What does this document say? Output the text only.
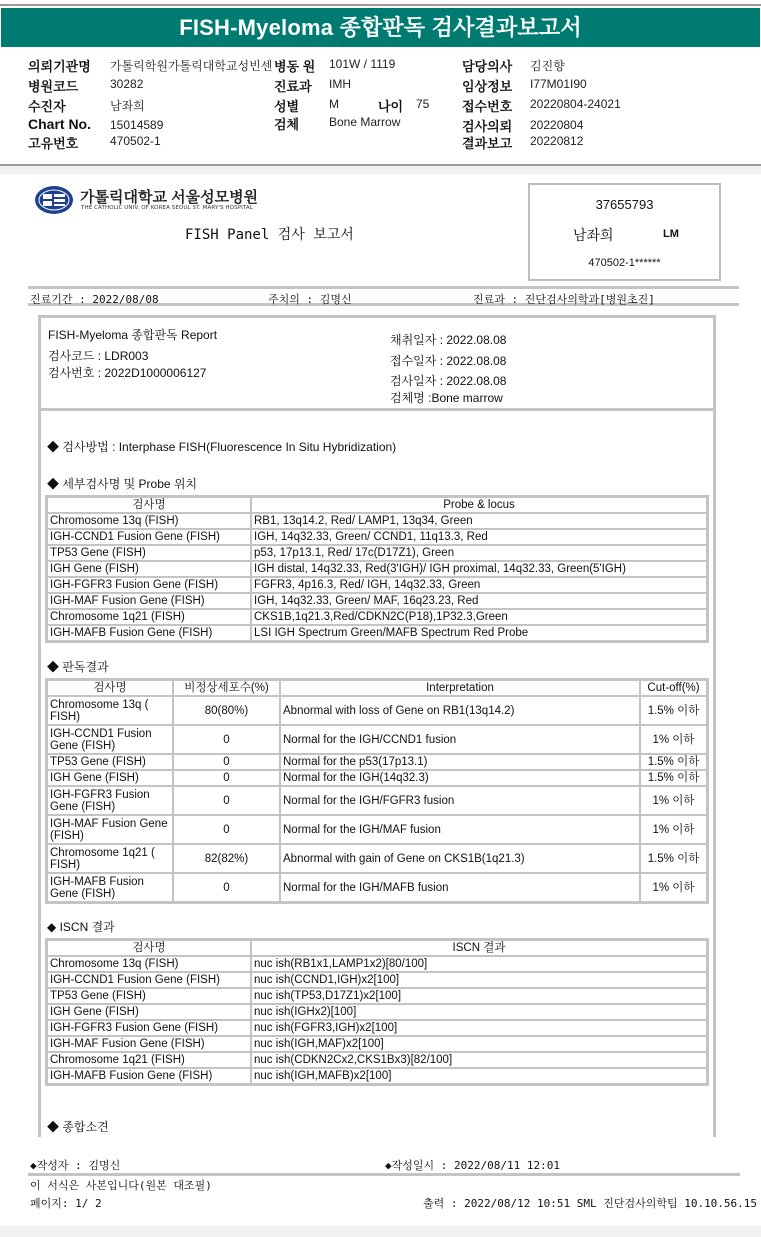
FISH-Myeloma 종합판독 검사결과보고서
의뢰기관명 가톨릭학원가톨릭대학교성빈센 병동 원 101W / 1119	담당의사 김진향
병원코드	30282	진료과 IMH	임상정보 I77M01I90
수진자	남좌희	성별 M	나이 75	접수번호 20220804-24021
Chart No. 15014589	검체 Bone Marrow	검사의뢰 20220804
고유번호	470502-1	결과보고 20220812
가톨릭대학교 서울성모병원
THE CATHOLIC UNIV. OF KOREA SEOUL ST. MARY'S HOSPITAL
FISH Panel 검사 보고서
37655793
남좌희	LM
470502-1******
진료기간 : 2022/08/08	주치의 : 김명신	진료과 : 진단검사의학과[병원초진]
FISH-Myeloma 종합판독 Report
검사코드 : LDR003
검사번호 : 2022D1000006127
채취일자 : 2022.08.08
접수일자 : 2022.08.08
검사일자 : 2022.08.08
검체명 :Bone marrow
◆ 검사방법 : Interphase FISH(Fluorescence In Situ Hybridization)
◆ 세부검사명 및 Probe 위치
검사명	Probe & locus
Chromosome 13q (FISH)	RB1, 13q14.2, Red/ LAMP1, 13q34, Green
IGH-CCND1 Fusion Gene (FISH)	IGH, 14q32.33, Green/ CCND1, 11q13.3, Red
TP53 Gene (FISH)	p53, 17p13.1, Red/ 17c(D17Z1), Green
IGH Gene (FISH)	IGH distal, 14q32.33, Red(3'IGH)/ IGH proximal, 14q32.33, Green(5'IGH)
IGH-FGFR3 Fusion Gene (FISH)	FGFR3, 4p16.3, Red/ IGH, 14q32.33, Green
IGH-MAF Fusion Gene (FISH)	IGH, 14q32.33, Green/ MAF, 16q23.23, Red
Chromosome 1q21 (FISH)	CKS1B,1q21.3,Red/CDKN2C(P18),1P32.3,Green
IGH-MAFB Fusion Gene (FISH)	LSI IGH Spectrum Green/MAFB Spectrum Red Probe
◆ 판독결과
검사명	비정상세포수(%)	Interpretation	Cut-off(%)
Chromosome 13q ( FISH)	80(80%)	Abnormal with loss of Gene on RB1(13q14.2)	1.5% 이하
IGH-CCND1 Fusion Gene (FISH)	0	Normal for the IGH/CCND1 fusion	1% 이하
TP53 Gene (FISH)	0	Normal for the p53(17p13.1)	1.5% 이하
IGH Gene (FISH)	0	Normal for the IGH(14q32.3)	1.5% 이하
IGH-FGFR3 Fusion Gene (FISH)	0	Normal for the IGH/FGFR3 fusion	1% 이하
IGH-MAF Fusion Gene (FISH)	0	Normal for the IGH/MAF fusion	1% 이하
Chromosome 1q21 ( FISH)	82(82%)	Abnormal with gain of Gene on CKS1B(1q21.3)	1.5% 이하
IGH-MAFB Fusion Gene (FISH)	0	Normal for the IGH/MAFB fusion	1% 이하
◆ ISCN 결과
검사명	ISCN 결과
Chromosome 13q (FISH)	nuc ish(RB1x1,LAMP1x2)[80/100]
IGH-CCND1 Fusion Gene (FISH)	nuc ish(CCND1,IGH)x2[100]
TP53 Gene (FISH)	nuc ish(TP53,D17Z1)x2[100]
IGH Gene (FISH)	nuc ish(IGHx2)[100]
IGH-FGFR3 Fusion Gene (FISH)	nuc ish(FGFR3,IGH)x2[100]
IGH-MAF Fusion Gene (FISH)	nuc ish(IGH,MAF)x2[100]
Chromosome 1q21 (FISH)	nuc ish(CDKN2Cx2,CKS1Bx3)[82/100]
IGH-MAFB Fusion Gene (FISH)	nuc ish(IGH,MAFB)x2[100]
◆ 종합소견
◆작성자 : 김명신	◆작성일시 : 2022/08/11 12:01
이 서식은 사본입니다(원본 대조필)
페이지: 1/ 2	출력 : 2022/08/12 10:51 SML 진단검사의학팀 10.10.56.15
